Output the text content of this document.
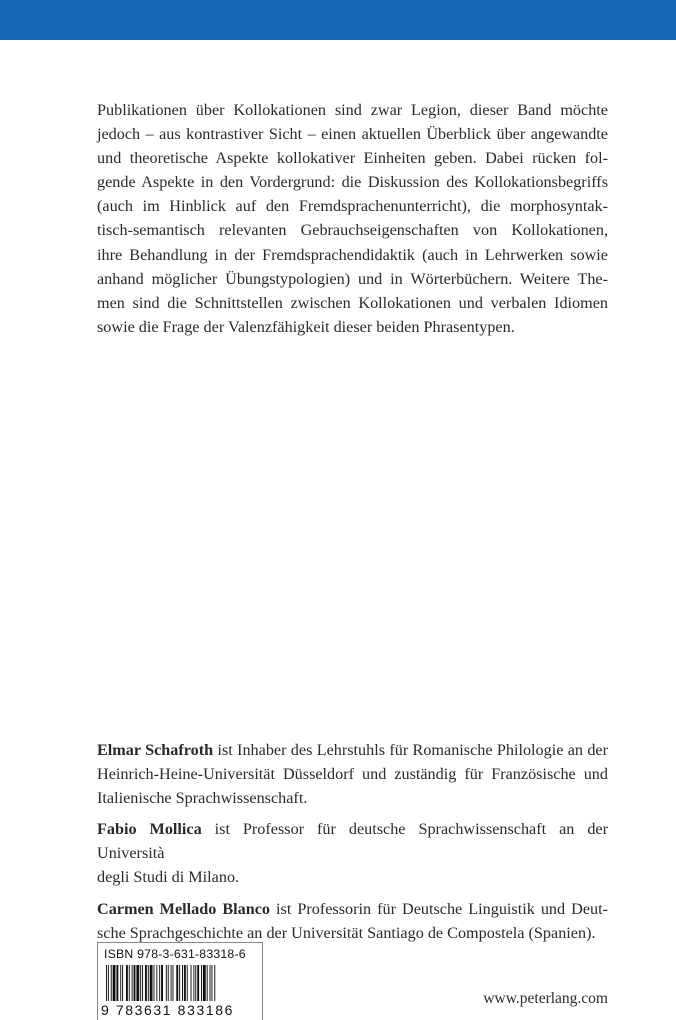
Publikationen über Kollokationen sind zwar Legion, dieser Band möchte
jedoch – aus kontrastiver Sicht – einen aktuellen Überblick über angewandte
und theoretische Aspekte kollokativer Einheiten geben. Dabei rücken fol-
gende Aspekte in den Vordergrund: die Diskussion des Kollokationsbegriffs
(auch im Hinblick auf den Fremdsprachenunterricht), die morphosyntak-
tisch-semantisch relevanten Gebrauchseigenschaften von Kollokationen,
ihre Behandlung in der Fremdsprachendidaktik (auch in Lehrwerken sowie
anhand möglicher Übungstypologien) und in Wörterbüchern. Weitere The-
men sind die Schnittstellen zwischen Kollokationen und verbalen Idiomen
sowie die Frage der Valenzfähigkeit dieser beiden Phrasentypen.

Elmar Schafroth ist Inhaber des Lehrstuhls für Romanische Philologie an der
Heinrich-Heine-Universität Düsseldorf und zuständig für Französische und
Italienische Sprachwissenschaft.

Fabio Mollica ist Professor für deutsche Sprachwissenschaft an der Università
degli Studi di Milano.

Carmen Mellado Blanco ist Professorin für Deutsche Linguistik und Deut-
sche Sprachgeschichte an der Universität Santiago de Compostela (Spanien).

ISBN 978-3-631-83318-6
9 783631 833186
www.peterlang.com
